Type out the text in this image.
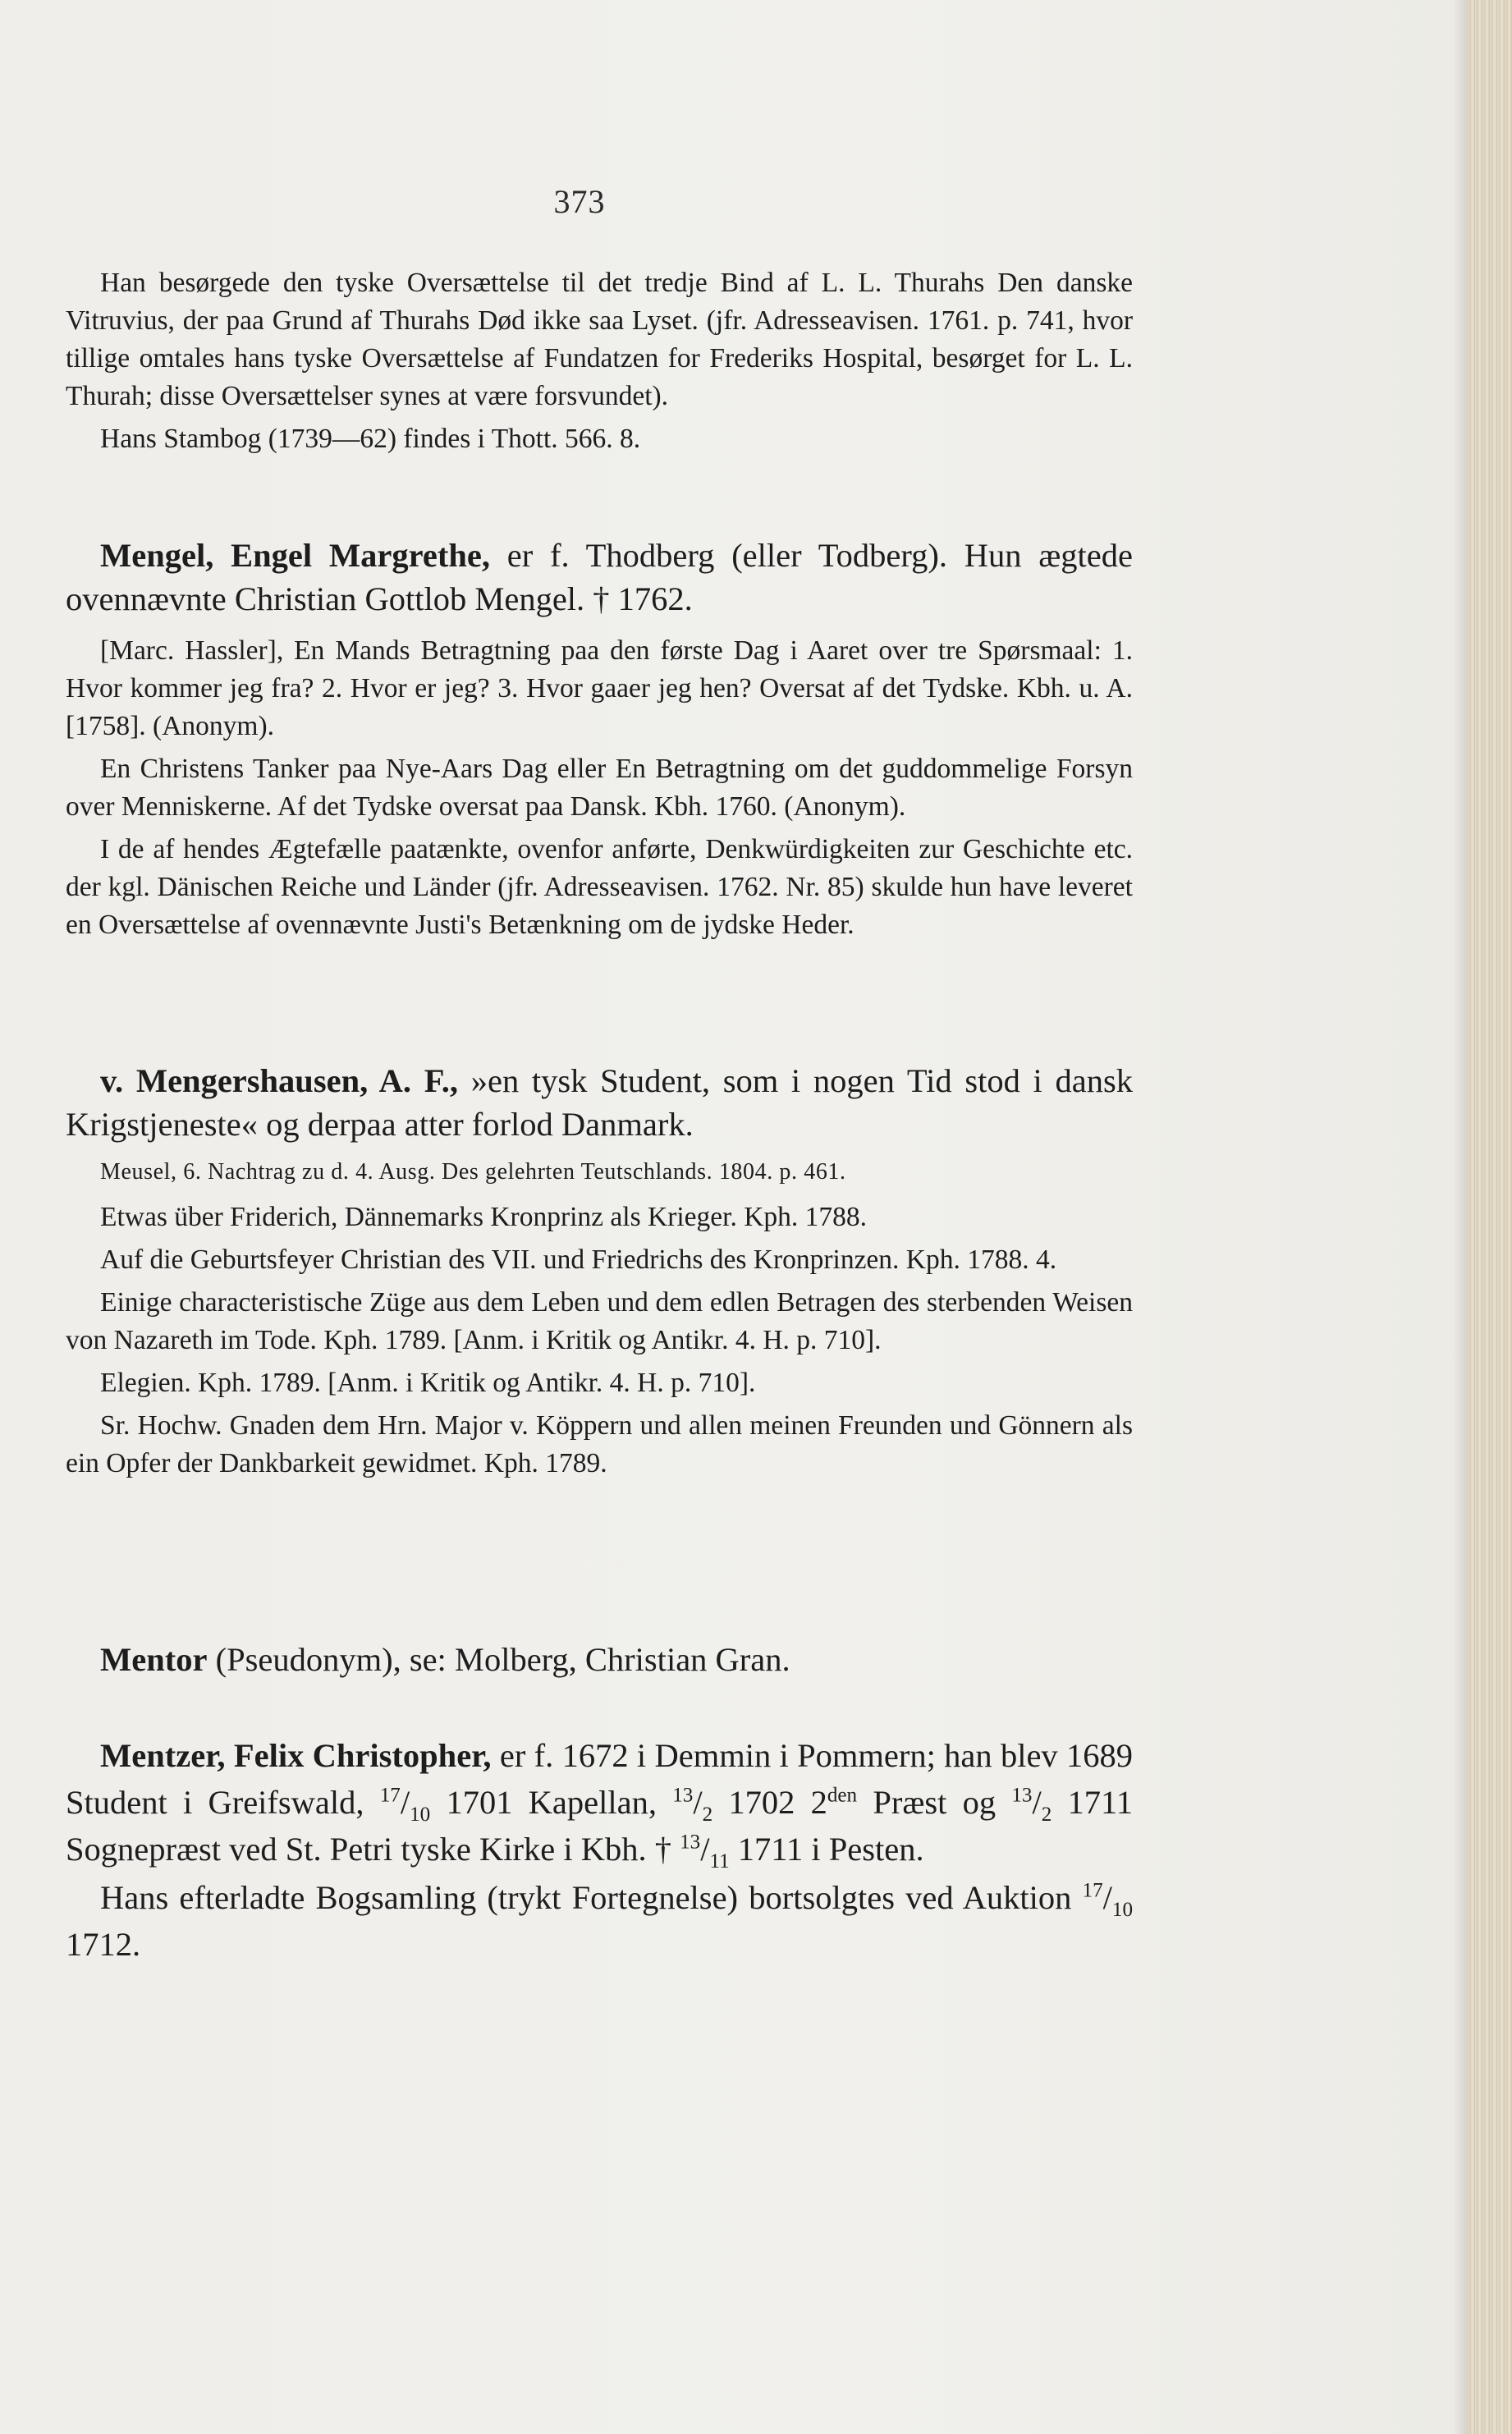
373

Han besørgede den tyske Oversættelse til det tredje Bind af L. L. Thurahs Den danske Vitruvius, der paa Grund af Thurahs Død ikke saa Lyset. (jfr. Adresseavisen. 1761. p. 741, hvor tillige omtales hans tyske Oversættelse af Fundatzen for Frederiks Hospital, besørget for L. L. Thurah; disse Oversættelser synes at være forsvundet).

Hans Stambog (1739—62) findes i Thott. 566. 8.

Mengel, Engel Margrethe, er f. Thodberg (eller Todberg). Hun ægtede ovennævnte Christian Gottlob Mengel. † 1762.

[Marc. Hassler], En Mands Betragtning paa den første Dag i Aaret over tre Spørsmaal: 1. Hvor kommer jeg fra? 2. Hvor er jeg? 3. Hvor gaaer jeg hen? Oversat af det Tydske. Kbh. u. A. [1758]. (Anonym).

En Christens Tanker paa Nye-Aars Dag eller En Betragtning om det guddommelige Forsyn over Menniskerne. Af det Tydske oversat paa Dansk. Kbh. 1760. (Anonym).

I de af hendes Ægtefælle paatænkte, ovenfor anførte, Denkwürdigkeiten zur Geschichte etc. der kgl. Dänischen Reiche und Länder (jfr. Adresseavisen. 1762. Nr. 85) skulde hun have leveret en Oversættelse af ovennævnte Justi's Betænkning om de jydske Heder.

v. Mengershausen, A. F., »en tysk Student, som i nogen Tid stod i dansk Krigstjeneste« og derpaa atter forlod Danmark.

Meusel, 6. Nachtrag zu d. 4. Ausg. Des gelehrten Teutschlands. 1804. p. 461.

Etwas über Friderich, Dännemarks Kronprinz als Krieger. Kph. 1788.

Auf die Geburtsfeyer Christian des VII. und Friedrichs des Kronprinzen. Kph. 1788. 4.

Einige characteristische Züge aus dem Leben und dem edlen Betragen des sterbenden Weisen von Nazareth im Tode. Kph. 1789. [Anm. i Kritik og Antikr. 4. H. p. 710].

Elegien. Kph. 1789. [Anm. i Kritik og Antikr. 4. H. p. 710].

Sr. Hochw. Gnaden dem Hrn. Major v. Köppern und allen meinen Freunden und Gönnern als ein Opfer der Dankbarkeit gewidmet. Kph. 1789.

Mentor (Pseudonym), se: Molberg, Christian Gran.

Mentzer, Felix Christopher, er f. 1672 i Demmin i Pommern; han blev 1689 Student i Greifswald, $^{17}/_{10}$ 1701 Kapellan, $^{13}/_2$ 1702 $2^{den}$ Præst og $^{13}/_2$ 1711 Sognepræst ved St. Petri tyske Kirke i Kbh. † $^{13}/_{11}$ 1711 i Pesten.

Hans efterladte Bogsamling (trykt Fortegnelse) bortsolgtes ved Auktion $^{17}/_{10}$ 1712.
